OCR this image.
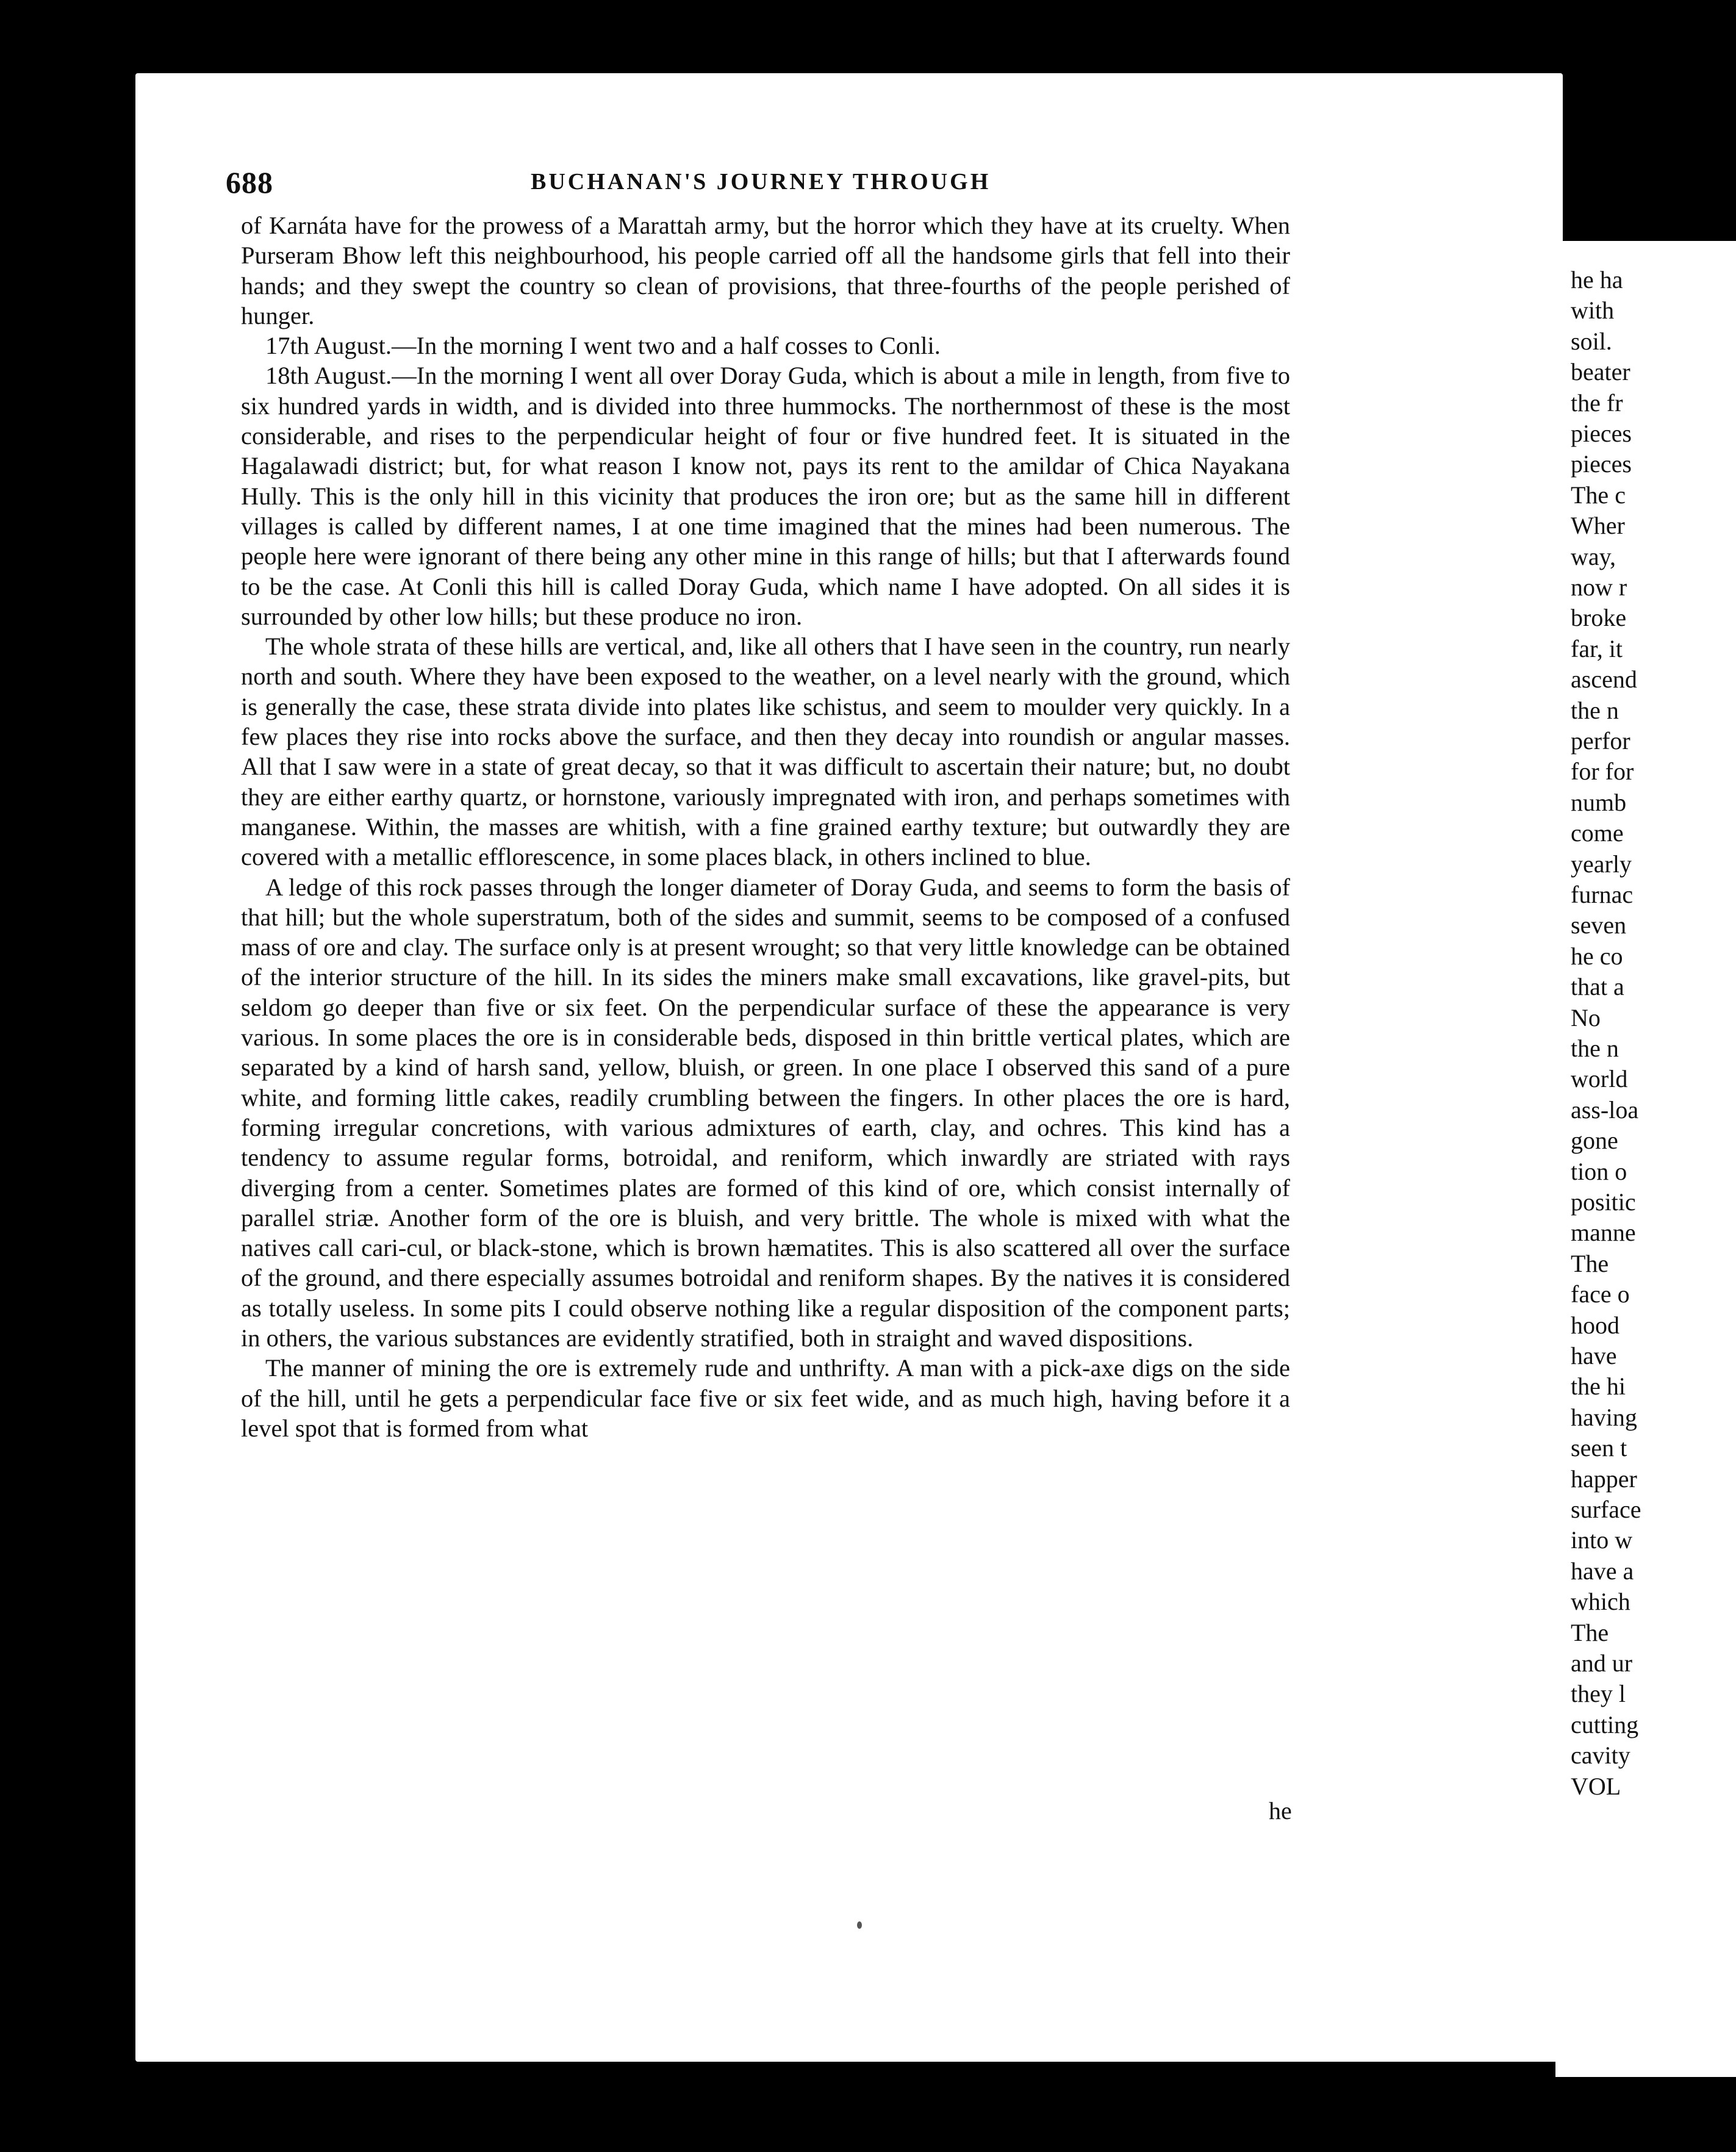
688	BUCHANAN'S JOURNEY THROUGH

of Karnáta have for the prowess of a Marattah army, but the horror which they have at its cruelty. When Purseram Bhow left this neighbourhood, his people carried off all the handsome girls that fell into their hands; and they swept the country so clean of provisions, that three-fourths of the people perished of hunger.

17th August.—In the morning I went two and a half cosses to Conli.

18th August.—In the morning I went all over Doray Guda, which is about a mile in length, from five to six hundred yards in width, and is divided into three hummocks. The northernmost of these is the most considerable, and rises to the perpendicular height of four or five hundred feet. It is situated in the Hagalawadi district; but, for what reason I know not, pays its rent to the amildar of Chica Nayakana Hully. This is the only hill in this vicinity that produces the iron ore; but as the same hill in different villages is called by different names, I at one time imagined that the mines had been numerous. The people here were ignorant of there being any other mine in this range of hills; but that I afterwards found to be the case. At Conli this hill is called Doray Guda, which name I have adopted. On all sides it is surrounded by other low hills; but these produce no iron.

The whole strata of these hills are vertical, and, like all others that I have seen in the country, run nearly north and south. Where they have been exposed to the weather, on a level nearly with the ground, which is generally the case, these strata divide into plates like schistus, and seem to moulder very quickly. In a few places they rise into rocks above the surface, and then they decay into roundish or angular masses. All that I saw were in a state of great decay, so that it was difficult to ascertain their nature; but, no doubt they are either earthy quartz, or hornstone, variously impregnated with iron, and perhaps sometimes with manganese. Within, the masses are whitish, with a fine grained earthy texture; but outwardly they are covered with a metallic efflorescence, in some places black, in others inclined to blue.

A ledge of this rock passes through the longer diameter of Doray Guda, and seems to form the basis of that hill; but the whole superstratum, both of the sides and summit, seems to be composed of a confused mass of ore and clay. The surface only is at present wrought; so that very little knowledge can be obtained of the interior structure of the hill. In its sides the miners make small excavations, like gravel-pits, but seldom go deeper than five or six feet. On the perpendicular surface of these the appearance is very various. In some places the ore is in considerable beds, disposed in thin brittle vertical plates, which are separated by a kind of harsh sand, yellow, bluish, or green. In one place I observed this sand of a pure white, and forming little cakes, readily crumbling between the fingers. In other places the ore is hard, forming irregular concretions, with various admixtures of earth, clay, and ochres. This kind has a tendency to assume regular forms, botroidal, and reniform, which inwardly are striated with rays diverging from a center. Sometimes plates are formed of this kind of ore, which consist internally of parallel striæ. Another form of the ore is bluish, and very brittle. The whole is mixed with what the natives call cari-cul, or black-stone, which is brown hæmatites. This is also scattered all over the surface of the ground, and there especially assumes botroidal and reniform shapes. By the natives it is considered as totally useless. In some pits I could observe nothing like a regular disposition of the component parts; in others, the various substances are evidently stratified, both in straight and waved dispositions.

The manner of mining the ore is extremely rude and unthrifty. A man with a pick-axe digs on the side of the hill, until he gets a perpendicular face five or six feet wide, and as much high, having before it a level spot that is formed from what

he
he ha
with
soil.
beater
the fr
pieces
pieces
The c
Wher
way,
now r
broke
far, it
ascend
the n
perfor
for for
numb
come
yearly
furnac
seven
he co
that a
No
the n
world
ass-loa
gone
tion o
positic
manne
The
face o
hood
have
the hi
having
seen t
happer
surface
into w
have a
which
The
and ur
they l
cutting
cavity
VOL
